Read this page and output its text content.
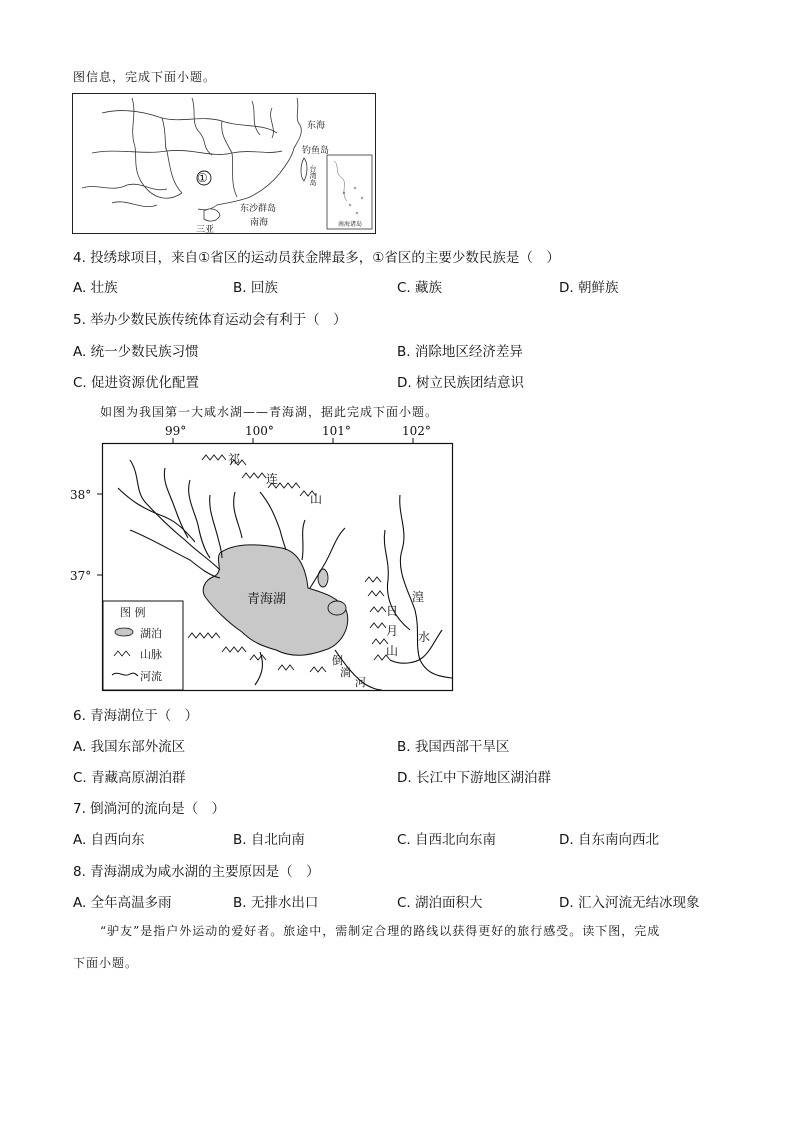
图信息，完成下面小题。
①
东海
钓鱼岛
台湾岛
东沙群岛
南海
三亚
南海诸岛
4. 投绣球项目，来自①省区的运动员获金牌最多，①省区的主要少数民族是（　）
A. 壮族	B. 回族	C. 藏族	D. 朝鲜族
5. 举办少数民族传统体育运动会有利于（　）
A. 统一少数民族习惯	B. 消除地区经济差异
C. 促进资源优化配置	D. 树立民族团结意识
如图为我国第一大咸水湖——青海湖，据此完成下面小题。
99°	100°	101°	102°
38°
37°
青海湖
祁
连
山
日
月
山
湟
水
倒
淌
河
图 例
湖泊
山脉
河流
6. 青海湖位于（　）
A. 我国东部外流区	B. 我国西部干旱区
C. 青藏高原湖泊群	D. 长江中下游地区湖泊群
7. 倒淌河的流向是（　）
A. 自西向东	B. 自北向南	C. 自西北向东南	D. 自东南向西北
8. 青海湖成为咸水湖的主要原因是（　）
A. 全年高温多雨	B. 无排水出口	C. 湖泊面积大	D. 汇入河流无结冰现象
“驴友”是指户外运动的爱好者。旅途中，需制定合理的路线以获得更好的旅行感受。读下图，完成
下面小题。
